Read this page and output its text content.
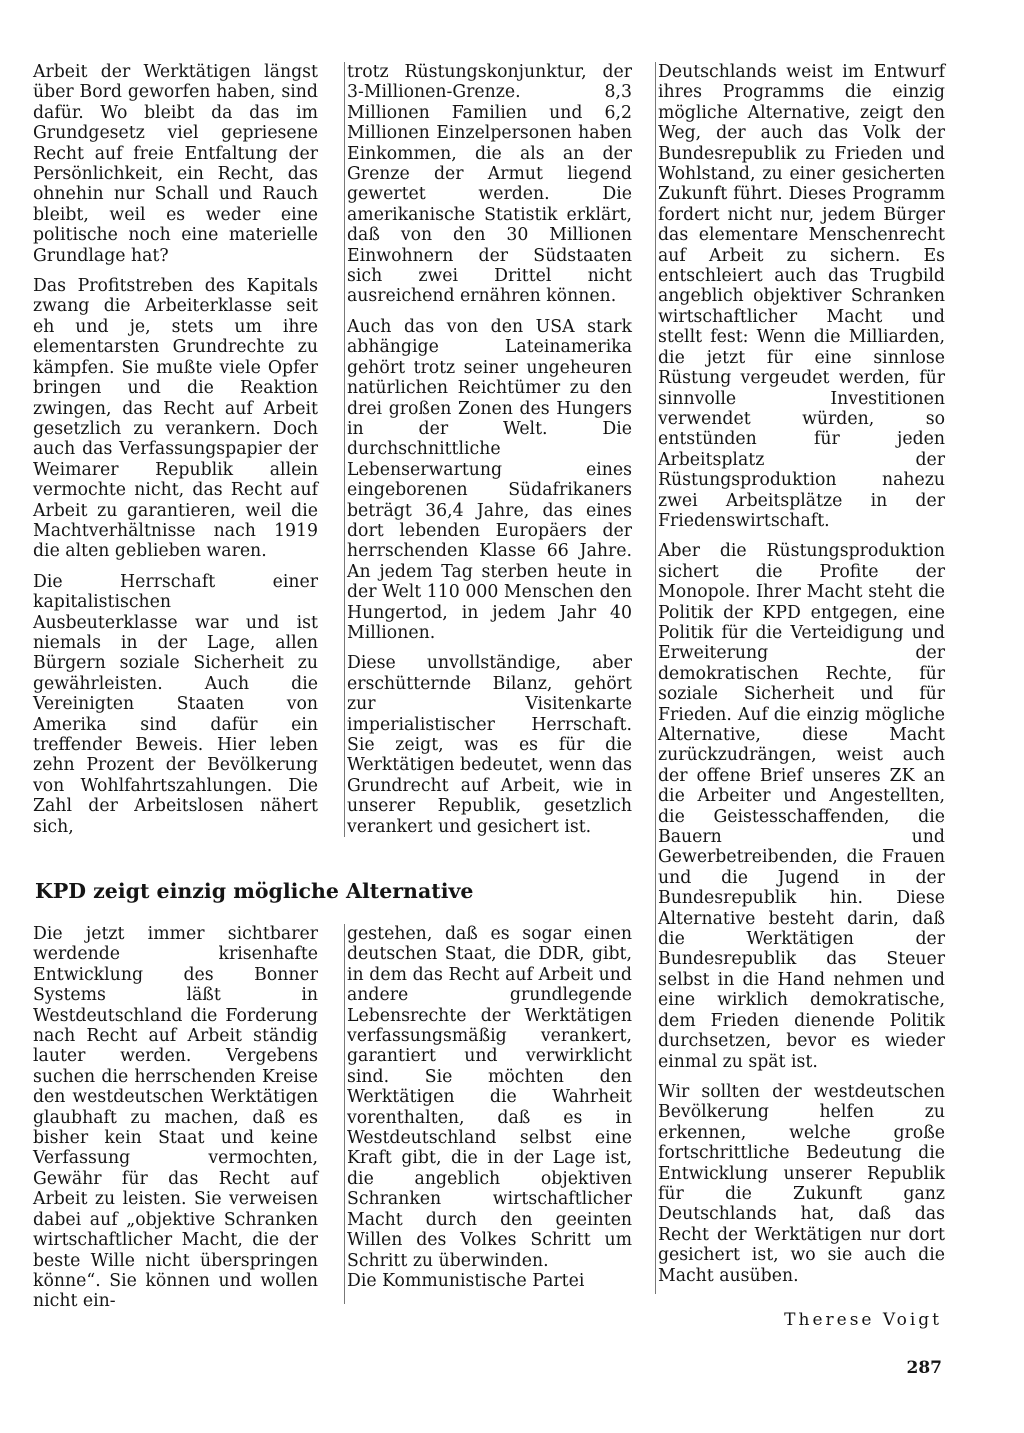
Arbeit der Werktätigen längst über Bord geworfen haben, sind dafür. Wo bleibt da das im Grundgesetz viel gepriesene Recht auf freie Entfaltung der Persönlichkeit, ein Recht, das ohnehin nur Schall und Rauch bleibt, weil es weder eine politische noch eine materielle Grundlage hat?

Das Profitstreben des Kapitals zwang die Arbeiterklasse seit eh und je, stets um ihre elementarsten Grundrechte zu kämpfen. Sie mußte viele Opfer bringen und die Reaktion zwingen, das Recht auf Arbeit gesetzlich zu verankern. Doch auch das Verfassungspapier der Weimarer Republik allein vermochte nicht, das Recht auf Arbeit zu garantieren, weil die Machtverhältnisse nach 1919 die alten geblieben waren.

Die Herrschaft einer kapitalistischen Ausbeuterklasse war und ist niemals in der Lage, allen Bürgern soziale Sicherheit zu gewährleisten. Auch die Vereinigten Staaten von Amerika sind dafür ein treffender Beweis. Hier leben zehn Prozent der Bevölkerung von Wohlfahrtszahlungen. Die Zahl der Arbeitslosen nähert sich,

trotz Rüstungskonjunktur, der 3-Millionen-Grenze. 8,3 Millionen Familien und 6,2 Millionen Einzelpersonen haben Einkommen, die als an der Grenze der Armut liegend gewertet werden. Die amerikanische Statistik erklärt, daß von den 30 Millionen Einwohnern der Südstaaten sich zwei Drittel nicht ausreichend ernähren können.

Auch das von den USA stark abhängige Lateinamerika gehört trotz seiner ungeheuren natürlichen Reichtümer zu den drei großen Zonen des Hungers in der Welt. Die durchschnittliche Lebenserwartung eines eingeborenen Südafrikaners beträgt 36,4 Jahre, das eines dort lebenden Europäers der herrschenden Klasse 66 Jahre. An jedem Tag sterben heute in der Welt 110 000 Menschen den Hungertod, in jedem Jahr 40 Millionen.

Diese unvollständige, aber erschütternde Bilanz, gehört zur Visitenkarte imperialistischer Herrschaft. Sie zeigt, was es für die Werktätigen bedeutet, wenn das Grundrecht auf Arbeit, wie in unserer Republik, gesetzlich verankert und gesichert ist.

KPD zeigt einzig mögliche Alternative

Die jetzt immer sichtbarer werdende krisenhafte Entwicklung des Bonner Systems läßt in Westdeutschland die Forderung nach Recht auf Arbeit ständig lauter werden. Vergebens suchen die herrschenden Kreise den westdeutschen Werktätigen glaubhaft zu machen, daß es bisher kein Staat und keine Verfassung vermochten, Gewähr für das Recht auf Arbeit zu leisten. Sie verweisen dabei auf „objektive Schranken wirtschaftlicher Macht, die der beste Wille nicht überspringen könne“. Sie können und wollen nicht ein-

gestehen, daß es sogar einen deutschen Staat, die DDR, gibt, in dem das Recht auf Arbeit und andere grundlegende Lebensrechte der Werktätigen verfassungsmäßig verankert, garantiert und verwirklicht sind. Sie möchten den Werktätigen die Wahrheit vorenthalten, daß es in Westdeutschland selbst eine Kraft gibt, die in der Lage ist, die angeblich objektiven Schranken wirtschaftlicher Macht durch den geeinten Willen des Volkes Schritt um Schritt zu überwinden.

Die Kommunistische Partei

Deutschlands weist im Entwurf ihres Programms die einzig mögliche Alternative, zeigt den Weg, der auch das Volk der Bundesrepublik zu Frieden und Wohlstand, zu einer gesicherten Zukunft führt. Dieses Programm fordert nicht nur, jedem Bürger das elementare Menschenrecht auf Arbeit zu sichern. Es entschleiert auch das Trugbild angeblich objektiver Schranken wirtschaftlicher Macht und stellt fest: Wenn die Milliarden, die jetzt für eine sinnlose Rüstung vergeudet werden, für sinnvolle Investitionen verwendet würden, so entstünden für jeden Arbeitsplatz der Rüstungsproduktion nahezu zwei Arbeitsplätze in der Friedenswirtschaft.

Aber die Rüstungsproduktion sichert die Profite der Monopole. Ihrer Macht steht die Politik der KPD entgegen, eine Politik für die Verteidigung und Erweiterung der demokratischen Rechte, für soziale Sicherheit und für Frieden. Auf die einzig mögliche Alternative, diese Macht zurückzudrängen, weist auch der offene Brief unseres ZK an die Arbeiter und Angestellten, die Geistesschaffenden, die Bauern und Gewerbetreibenden, die Frauen und die Jugend in der Bundesrepublik hin. Diese Alternative besteht darin, daß die Werktätigen der Bundesrepublik das Steuer selbst in die Hand nehmen und eine wirklich demokratische, dem Frieden dienende Politik durchsetzen, bevor es wieder einmal zu spät ist.

Wir sollten der westdeutschen Bevölkerung helfen zu erkennen, welche große fortschrittliche Bedeutung die Entwicklung unserer Republik für die Zukunft ganz Deutschlands hat, daß das Recht der Werktätigen nur dort gesichert ist, wo sie auch die Macht ausüben.

Therese Voigt

287
